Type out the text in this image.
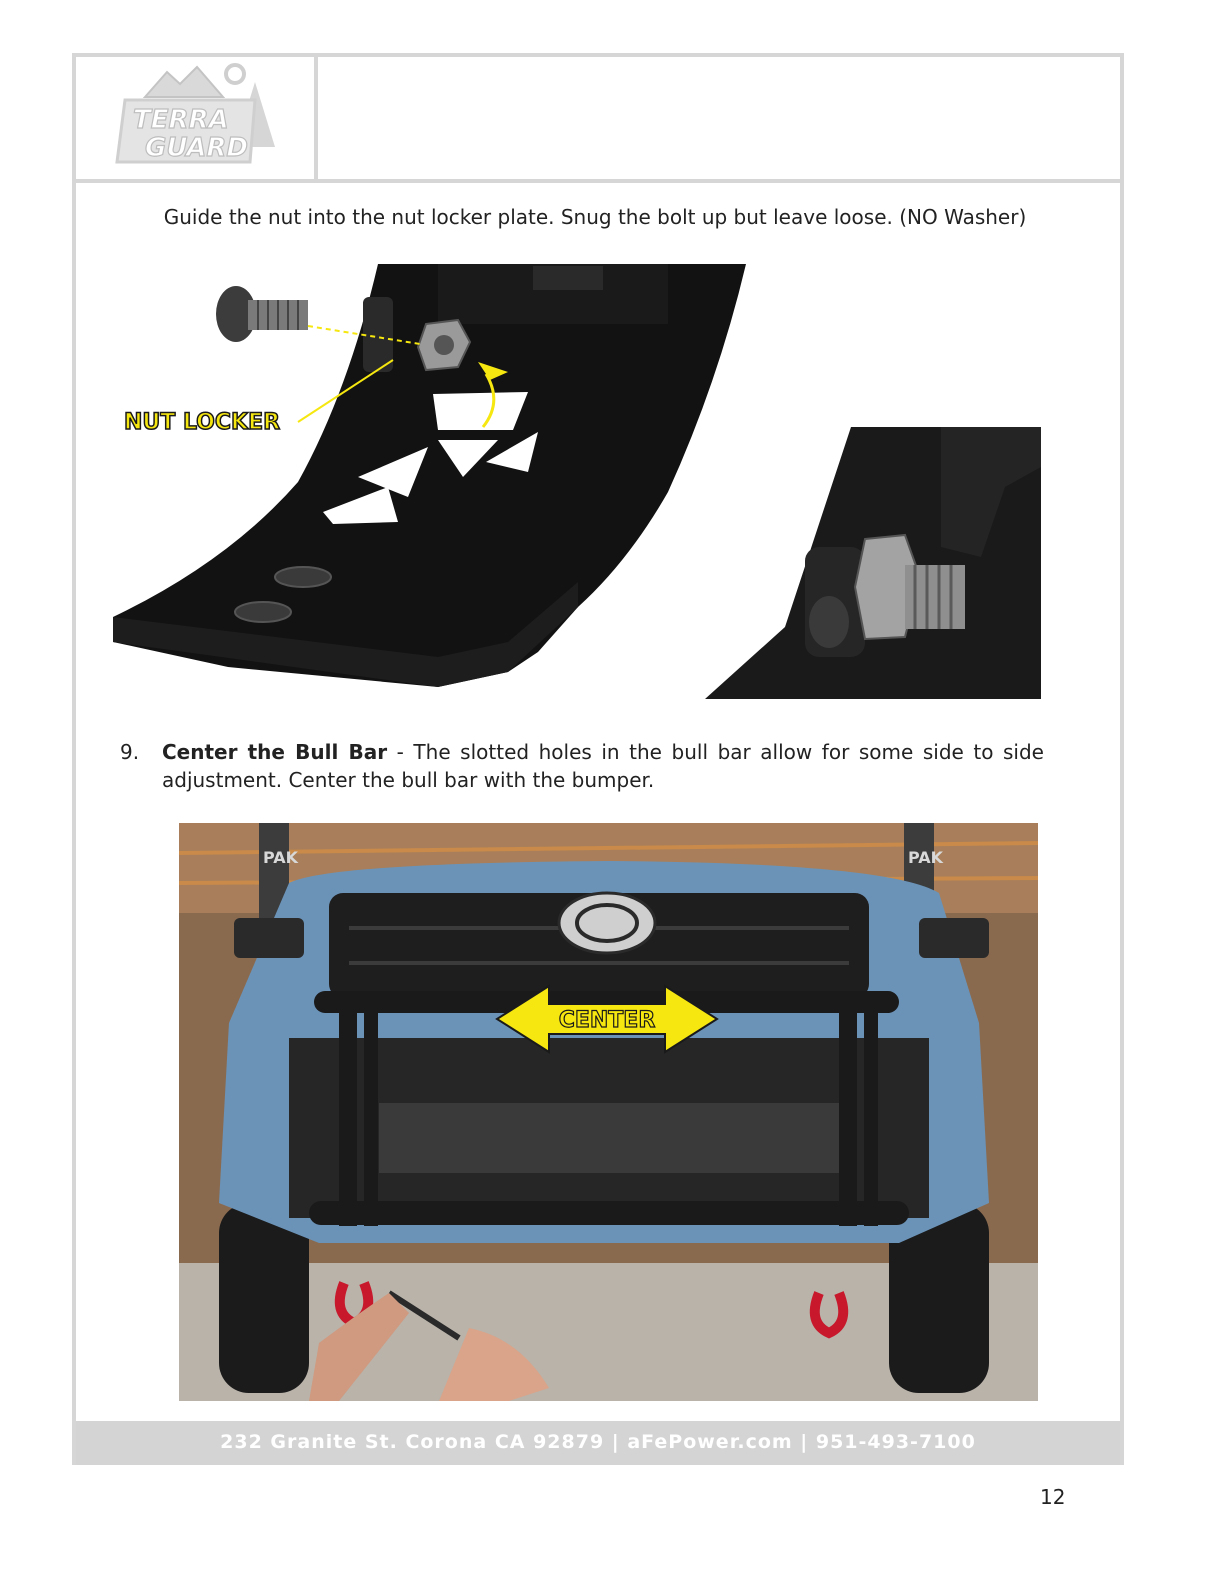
TERRA
GUARD
Guide the nut into the nut locker plate. Snug the bolt up but leave loose. (NO Washer)
NUT LOCKER
9. Center the Bull Bar - The slotted holes in the bull bar allow for some side to side adjustment. Center the bull bar with the bumper.
PAK	PAK
CENTER
232 Granite St. Corona CA 92879 | aFePower.com | 951-493-7100
12
